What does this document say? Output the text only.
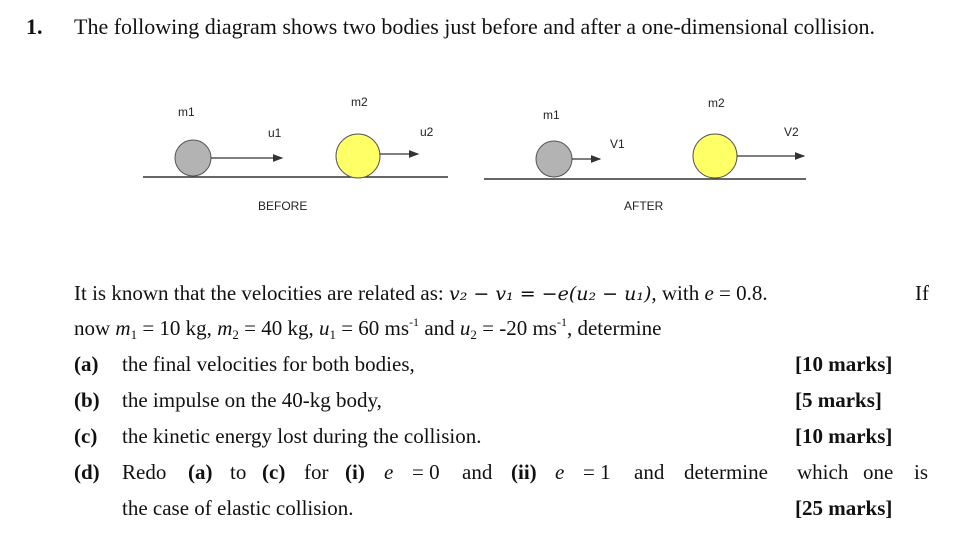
1. The following diagram shows two bodies just before and after a one-dimensional collision.
m1
u1
m2
u2
BEFORE
m1
V1
m2
V2
AFTER
It is known that the velocities are related as: v₂ − v₁ = −e(u₂ − u₁), with e = 0.8.	If
now m1 = 10 kg, m2 = 40 kg, u1 = 60 $ms^{-1}$ and u2 = -20 $ms^{-1}$, determine
(a) the final velocities for both bodies,	[10 marks]
(b) the impulse on the 40-kg body,	[5 marks]
(c) the kinetic energy lost during the collision.	[10 marks]
(d) Redo (a) to (c) for (i) e = 0 and (ii) e = 1 and determine which one is
the case of elastic collision.	[25 marks]
